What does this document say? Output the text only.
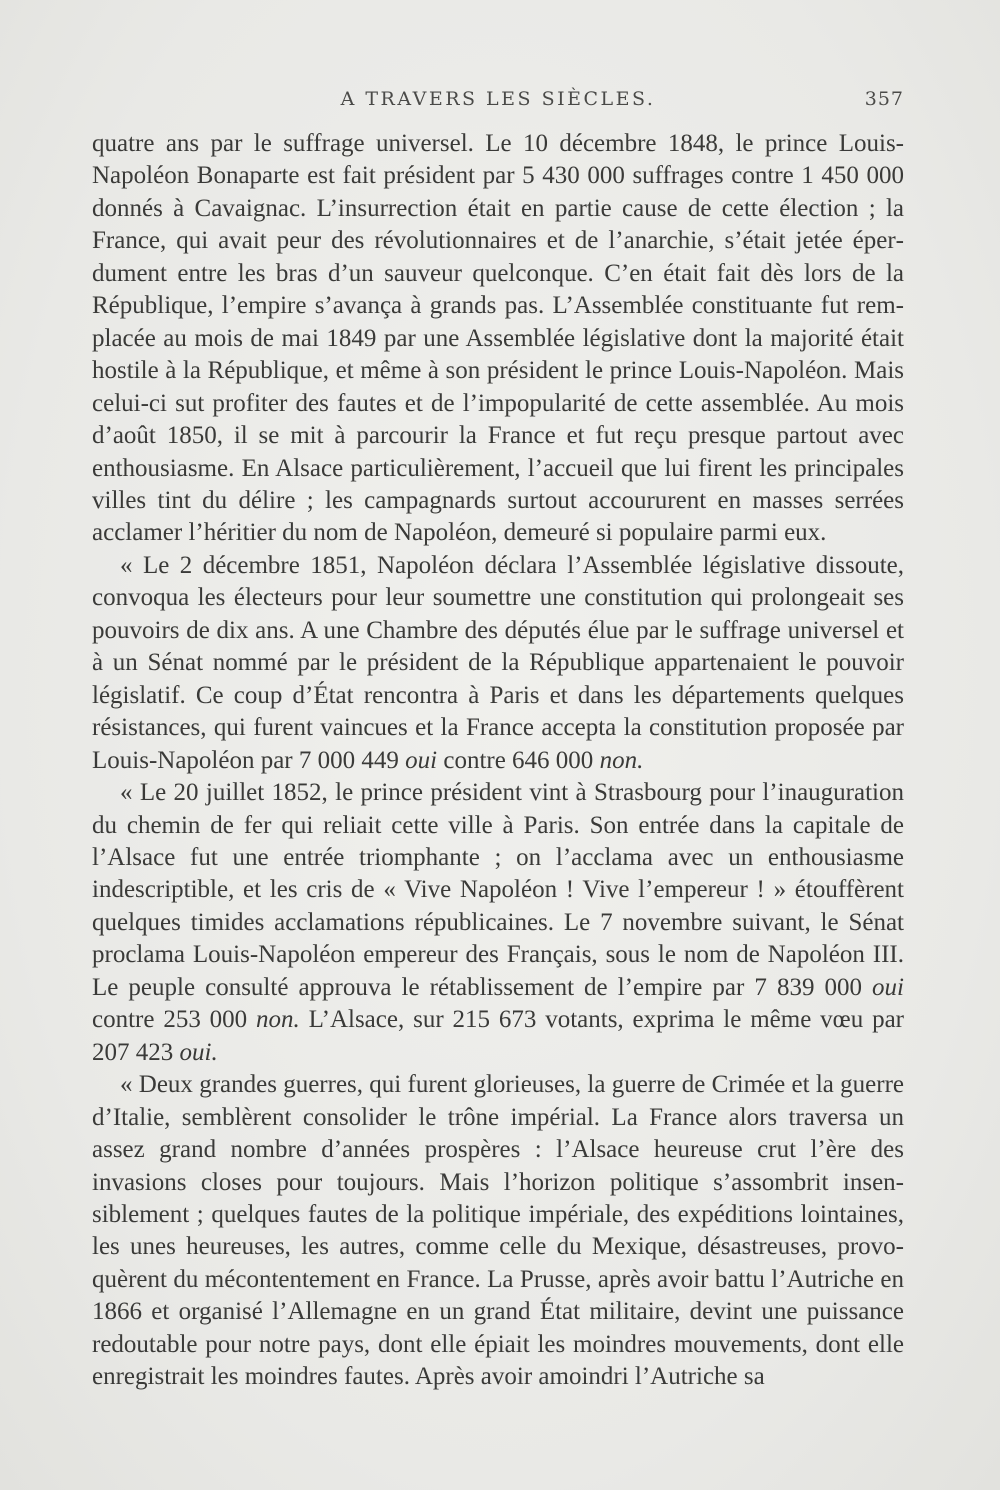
A TRAVERS LES SIÈCLES.	357

quatre ans par le suffrage universel. Le 10 décembre 1848, le prince Louis-Napoléon Bonaparte est fait président par 5 430 000 suffrages contre 1 450 000 donnés à Cavaignac. L’insurrection était en partie cause de cette élection ; la France, qui avait peur des révolutionnaires et de l’anarchie, s’était jetée éperdument entre les bras d’un sauveur quelconque. C’en était fait dès lors de la République, l’empire s’avança à grands pas. L’Assemblée constituante fut remplacée au mois de mai 1849 par une Assemblée législative dont la majorité était hostile à la République, et même à son président le prince Louis-Napoléon. Mais celui-ci sut profiter des fautes et de l’impopularité de cette assemblée. Au mois d’août 1850, il se mit à parcourir la France et fut reçu presque partout avec enthousiasme. En Alsace particulièrement, l’accueil que lui firent les principales villes tint du délire ; les campagnards surtout accoururent en masses serrées acclamer l’héritier du nom de Napoléon, demeuré si populaire parmi eux.

« Le 2 décembre 1851, Napoléon déclara l’Assemblée législative dissoute, convoqua les électeurs pour leur soumettre une constitution qui prolongeait ses pouvoirs de dix ans. A une Chambre des députés élue par le suffrage universel et à un Sénat nommé par le président de la République appartenaient le pouvoir législatif. Ce coup d’État rencontra à Paris et dans les départements quelques résistances, qui furent vaincues et la France accepta la constitution proposée par Louis-Napoléon par 7 000 449 oui contre 646 000 non.

« Le 20 juillet 1852, le prince président vint à Strasbourg pour l’inauguration du chemin de fer qui reliait cette ville à Paris. Son entrée dans la capitale de l’Alsace fut une entrée triomphante ; on l’acclama avec un enthousiasme indescriptible, et les cris de « Vive Napoléon ! Vive l’empereur ! » étouffèrent quelques timides acclamations républicaines. Le 7 novembre suivant, le Sénat proclama Louis-Napoléon empereur des Français, sous le nom de Napoléon III. Le peuple consulté approuva le rétablissement de l’empire par 7 839 000 oui contre 253 000 non. L’Alsace, sur 215 673 votants, exprima le même vœu par 207 423 oui.

« Deux grandes guerres, qui furent glorieuses, la guerre de Crimée et la guerre d’Italie, semblèrent consolider le trône impérial. La France alors traversa un assez grand nombre d’années prospères : l’Alsace heureuse crut l’ère des invasions closes pour toujours. Mais l’horizon politique s’assombrit insensiblement ; quelques fautes de la politique impériale, des expéditions lointaines, les unes heureuses, les autres, comme celle du Mexique, désastreuses, provoquèrent du mécontentement en France. La Prusse, après avoir battu l’Autriche en 1866 et organisé l’Allemagne en un grand État militaire, devint une puissance redoutable pour notre pays, dont elle épiait les moindres mouvements, dont elle enregistrait les moindres fautes. Après avoir amoindri l’Autriche sa
